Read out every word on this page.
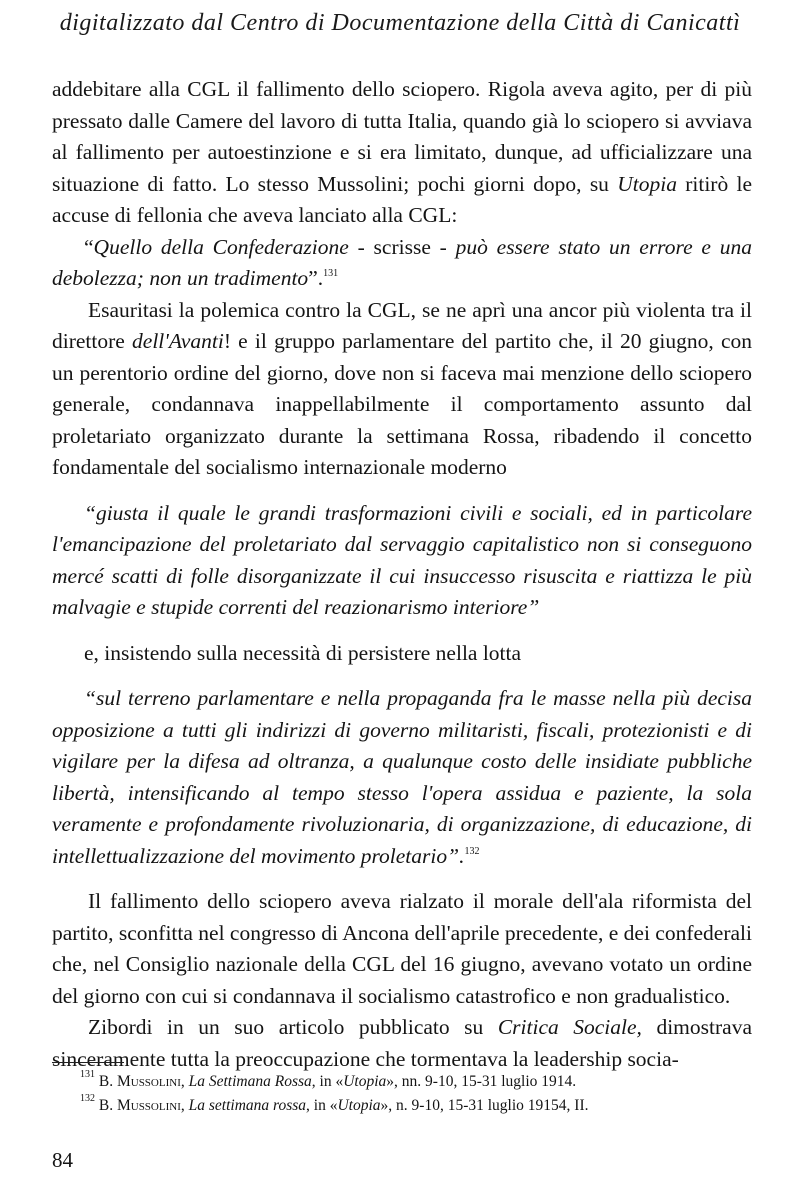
digitalizzato dal Centro di Documentazione della Città di Canicattì

addebitare alla CGL il fallimento dello sciopero. Rigola aveva agito, per di più pressato dalle Camere del lavoro di tutta Italia, quando già lo sciopero si avviava al fallimento per autoestinzione e si era limitato, dunque, ad ufficializzare una situazione di fatto. Lo stesso Mussolini; pochi giorni dopo, su Utopia ritirò le accuse di fellonia che aveva lanciato alla CGL:

“Quello della Confederazione - scrisse - può essere stato un errore e una debolezza; non un tradimento”.$^{131}$

Esauritasi la polemica contro la CGL, se ne aprì una ancor più violenta tra il direttore dell'Avanti! e il gruppo parlamentare del partito che, il 20 giugno, con un perentorio ordine del giorno, dove non si faceva mai menzione dello sciopero generale, condannava inappellabilmente il comportamento assunto dal proletariato organizzato durante la settimana Rossa, ribadendo il concetto fondamentale del socialismo internazionale moderno

“giusta il quale le grandi trasformazioni civili e sociali, ed in particolare l'emancipazione del proletariato dal servaggio capitalistico non si conseguono mercé scatti di folle disorganizzate il cui insuccesso risuscita e riattizza le più malvagie e stupide correnti del reazionarismo interiore”

e, insistendo sulla necessità di persistere nella lotta

“sul terreno parlamentare e nella propaganda fra le masse nella più decisa opposizione a tutti gli indirizzi di governo militaristi, fiscali, protezionisti e di vigilare per la difesa ad oltranza, a qualunque costo delle insidiate pubbliche libertà, intensificando al tempo stesso l'opera assidua e paziente, la sola veramente e profondamente rivoluzionaria, di organizzazione, di educazione, di intellettualizzazione del movimento proletario”.$^{132}$

Il fallimento dello sciopero aveva rialzato il morale dell'ala riformista del partito, sconfitta nel congresso di Ancona dell'aprile precedente, e dei confederali che, nel Consiglio nazionale della CGL del 16 giugno, avevano votato un ordine del giorno con cui si condannava il socialismo catastrofico e non gradualistico.

Zibordi in un suo articolo pubblicato su Critica Sociale, dimostrava sinceramente tutta la preoccupazione che tormentava la leadership socia-

$^{131}$ B. Mussolini, La Settimana Rossa, in «Utopia», nn. 9-10, 15-31 luglio 1914.

$^{132}$ B. Mussolini, La settimana rossa, in «Utopia», n. 9-10, 15-31 luglio 19154, II.

84
